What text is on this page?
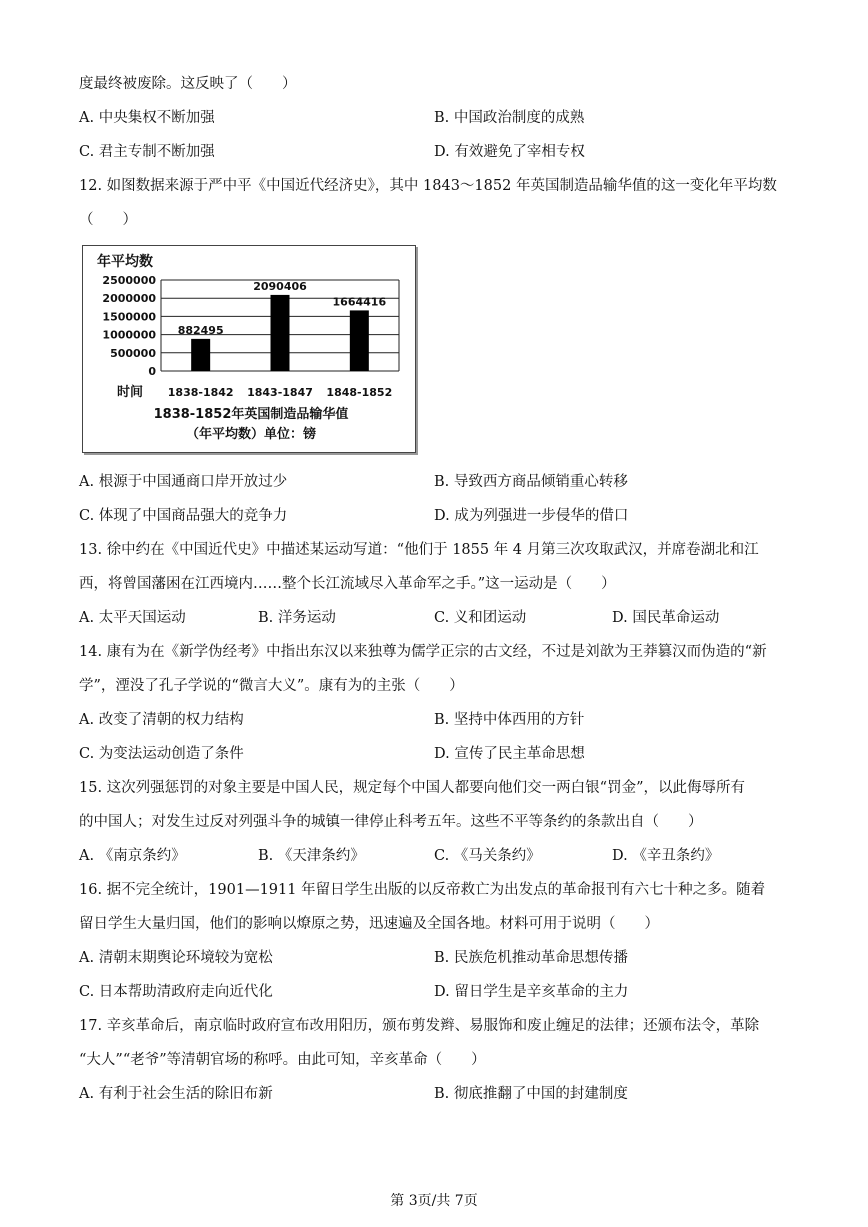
度最终被废除。这反映了（　　）
A. 中央集权不断加强	B. 中国政治制度的成熟
C. 君主专制不断加强	D. 有效避免了宰相专权
12. 如图数据来源于严中平《中国近代经济史》，其中 1843～1852 年英国制造品输华值的这一变化年平均数
（　　）
年平均数
时间
1838-1852年英国制造品输华值
（年平均数）单位：镑
2500000
2000000
1500000
1000000
500000
0
882495
2090406
1664416
1838-1842 1843-1847 1848-1852
A. 根源于中国通商口岸开放过少	B. 导致西方商品倾销重心转移
C. 体现了中国商品强大的竞争力	D. 成为列强进一步侵华的借口
13. 徐中约在《中国近代史》中描述某运动写道：“他们于 1855 年 4 月第三次攻取武汉，并席卷湖北和江
西，将曾国藩困在江西境内……整个长江流域尽入革命军之手。”这一运动是（　　）
A. 太平天国运动	B. 洋务运动	C. 义和团运动	D. 国民革命运动
14. 康有为在《新学伪经考》中指出东汉以来独尊为儒学正宗的古文经，不过是刘歆为王莽篡汉而伪造的“新
学”，湮没了孔子学说的“微言大义”。康有为的主张（　　）
A. 改变了清朝的权力结构	B. 坚持中体西用的方针
C. 为变法运动创造了条件	D. 宣传了民主革命思想
15. 这次列强惩罚的对象主要是中国人民，规定每个中国人都要向他们交一两白银“罚金”，以此侮辱所有
的中国人；对发生过反对列强斗争的城镇一律停止科考五年。这些不平等条约的条款出自（　　）
A. 《南京条约》	B. 《天津条约》	C. 《马关条约》	D. 《辛丑条约》
16. 据不完全统计，1901—1911 年留日学生出版的以反帝救亡为出发点的革命报刊有六七十种之多。随着
留日学生大量归国，他们的影响以燎原之势，迅速遍及全国各地。材料可用于说明（　　）
A. 清朝末期舆论环境较为宽松	B. 民族危机推动革命思想传播
C. 日本帮助清政府走向近代化	D. 留日学生是辛亥革命的主力
17. 辛亥革命后，南京临时政府宣布改用阳历，颁布剪发辫、易服饰和废止缠足的法律；还颁布法令，革除
“大人”“老爷”等清朝官场的称呼。由此可知，辛亥革命（　　）
A. 有利于社会生活的除旧布新	B. 彻底推翻了中国的封建制度
第 3页/共 7页
